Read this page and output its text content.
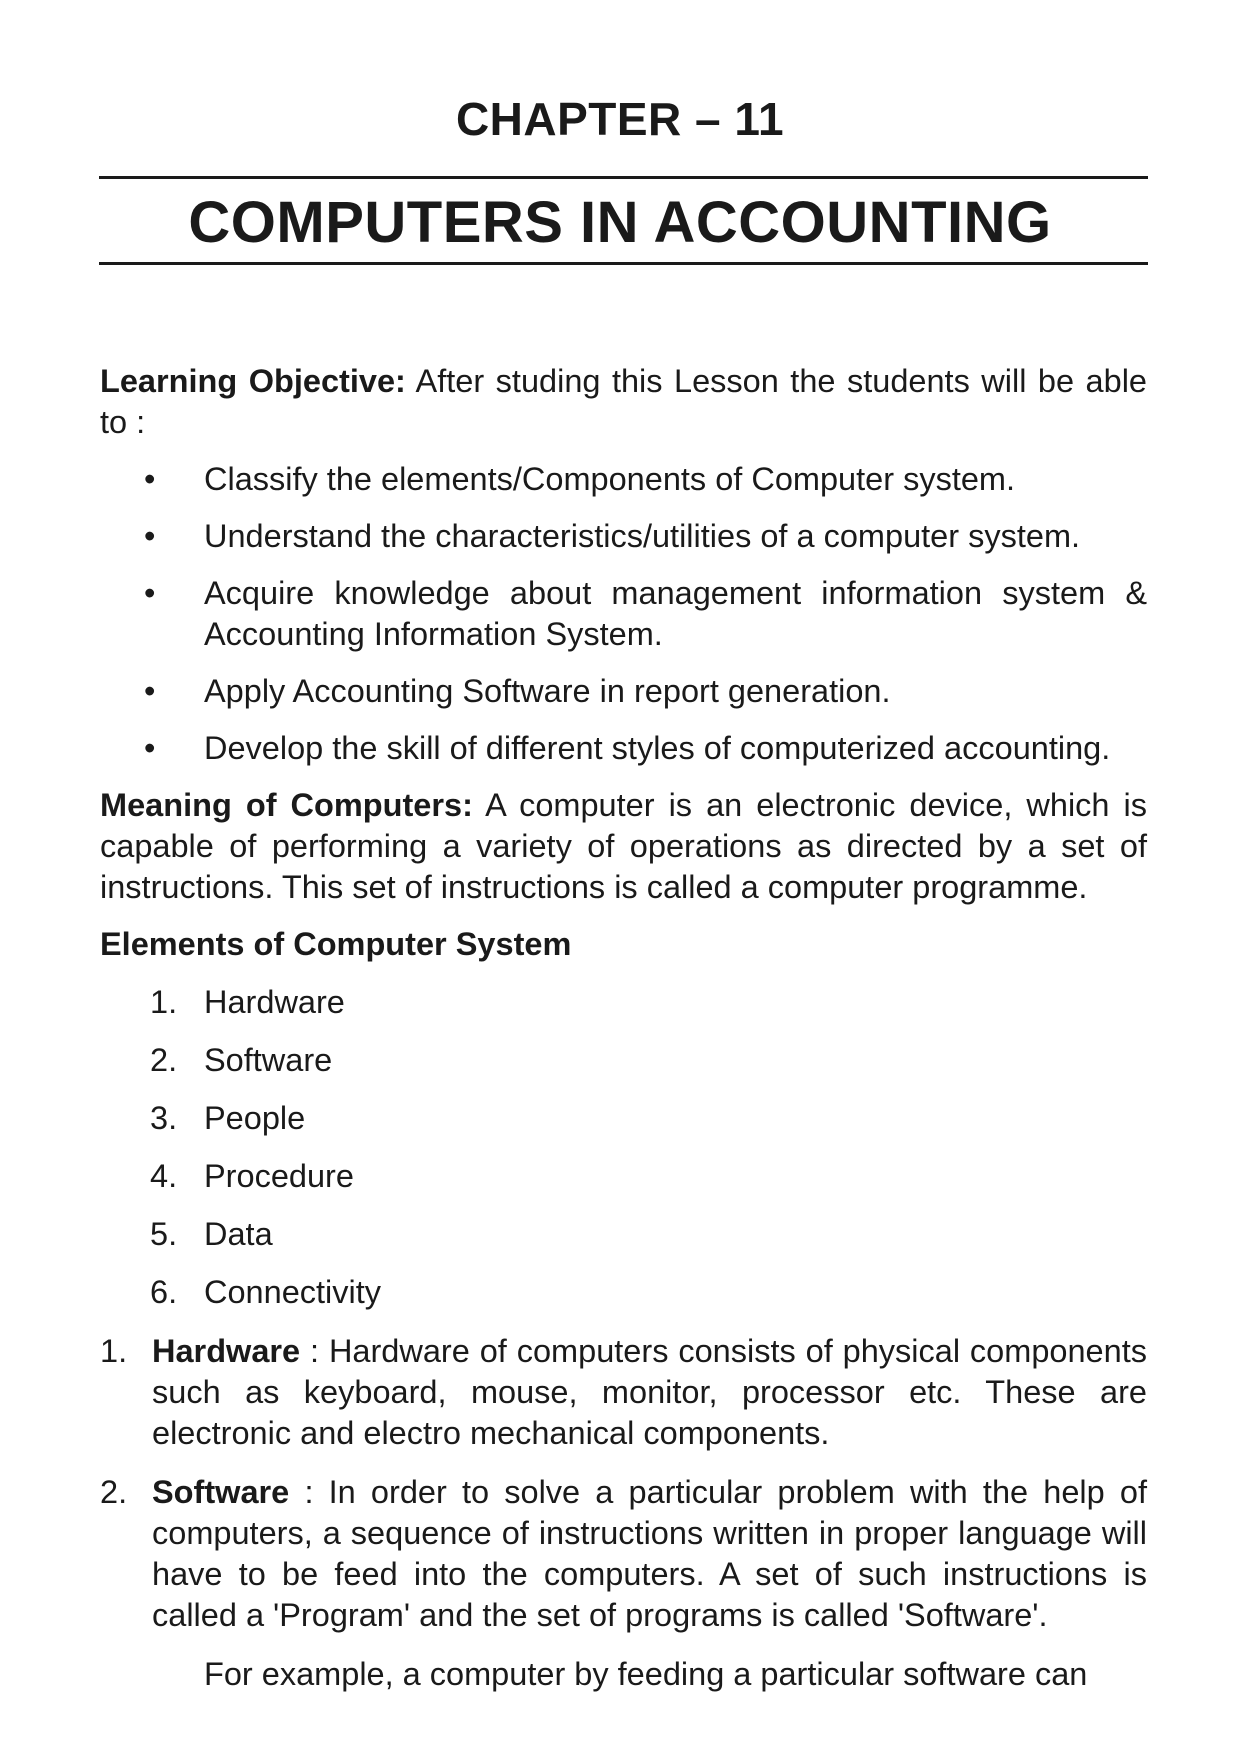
CHAPTER – 11
COMPUTERS IN ACCOUNTING

Learning Objective: After studing this Lesson the students will be able to :

• Classify the elements/Components of Computer system.
• Understand the characteristics/utilities of a computer system.
• Acquire knowledge about management information system & Accounting Information System.
• Apply Accounting Software in report generation.
• Develop the skill of different styles of computerized accounting.

Meaning of Computers: A computer is an electronic device, which is capable of performing a variety of operations as directed by a set of instructions. This set of instructions is called a computer programme.

Elements of Computer System

1. Hardware
2. Software
3. People
4. Procedure
5. Data
6. Connectivity
1. Hardware : Hardware of computers consists of physical components such as keyboard, mouse, monitor, processor etc. These are electronic and electro mechanical components.
2. Software : In order to solve a particular problem with the help of computers, a sequence of instructions written in proper language will have to be feed into the computers. A set of such instructions is called a 'Program' and the set of programs is called 'Software'.

For example, a computer by feeding a particular software can
